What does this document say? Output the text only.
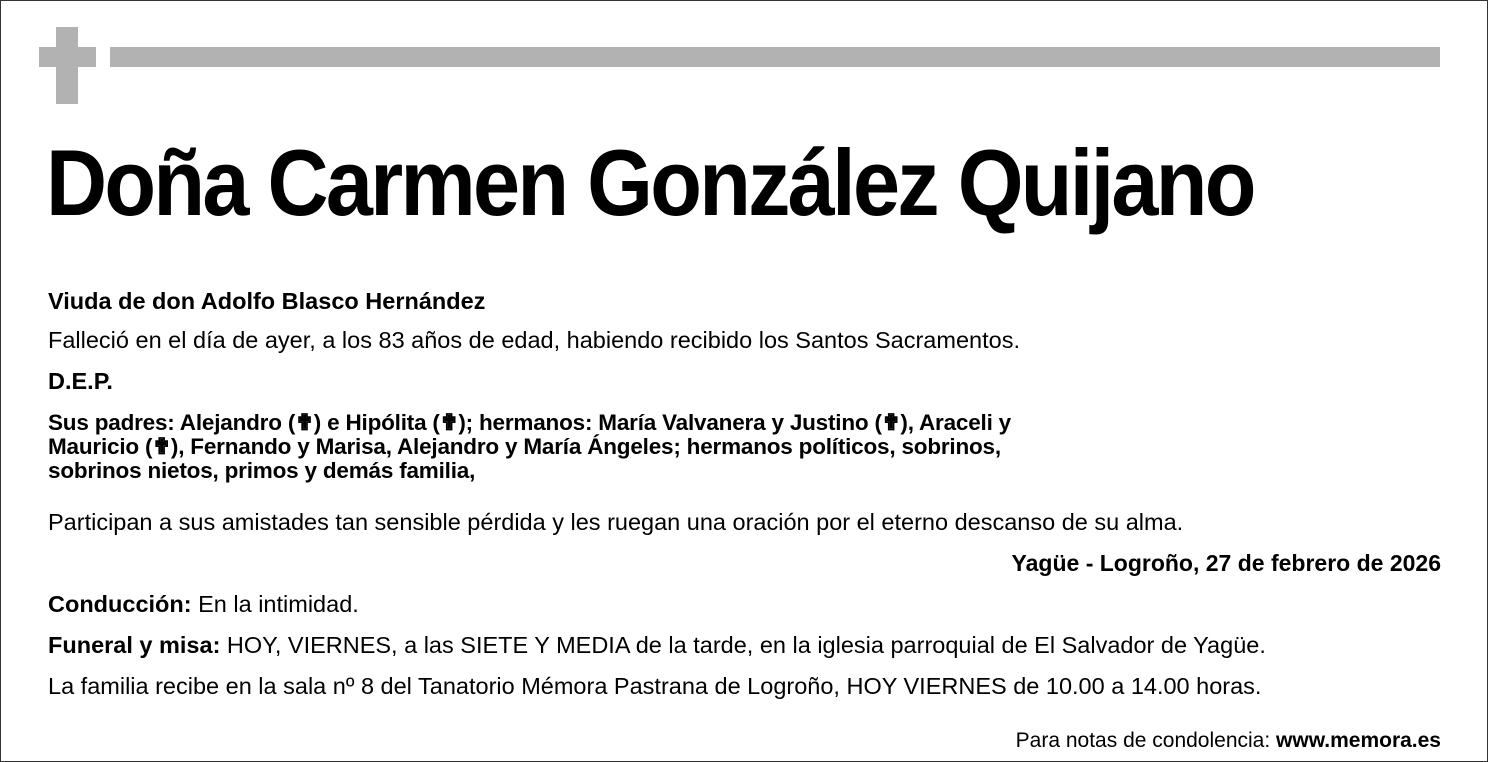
Doña Carmen González Quijano
Viuda de don Adolfo Blasco Hernández
Falleció en el día de ayer, a los 83 años de edad, habiendo recibido los Santos Sacramentos.
D.E.P.
Sus padres: Alejandro (✟) e Hipólita (✟); hermanos: María Valvanera y Justino (✟), Araceli y
Mauricio (✟), Fernando y Marisa, Alejandro y María Ángeles; hermanos políticos, sobrinos,
sobrinos nietos, primos y demás familia,
Participan a sus amistades tan sensible pérdida y les ruegan una oración por el eterno descanso de su alma.
Yagüe - Logroño, 27 de febrero de 2026
Conducción: En la intimidad.
Funeral y misa: HOY, VIERNES, a las SIETE Y MEDIA de la tarde, en la iglesia parroquial de El Salvador de Yagüe.
La familia recibe en la sala nº 8 del Tanatorio Mémora Pastrana de Logroño, HOY VIERNES de 10.00 a 14.00 horas.
Para notas de condolencia: www.memora.es
